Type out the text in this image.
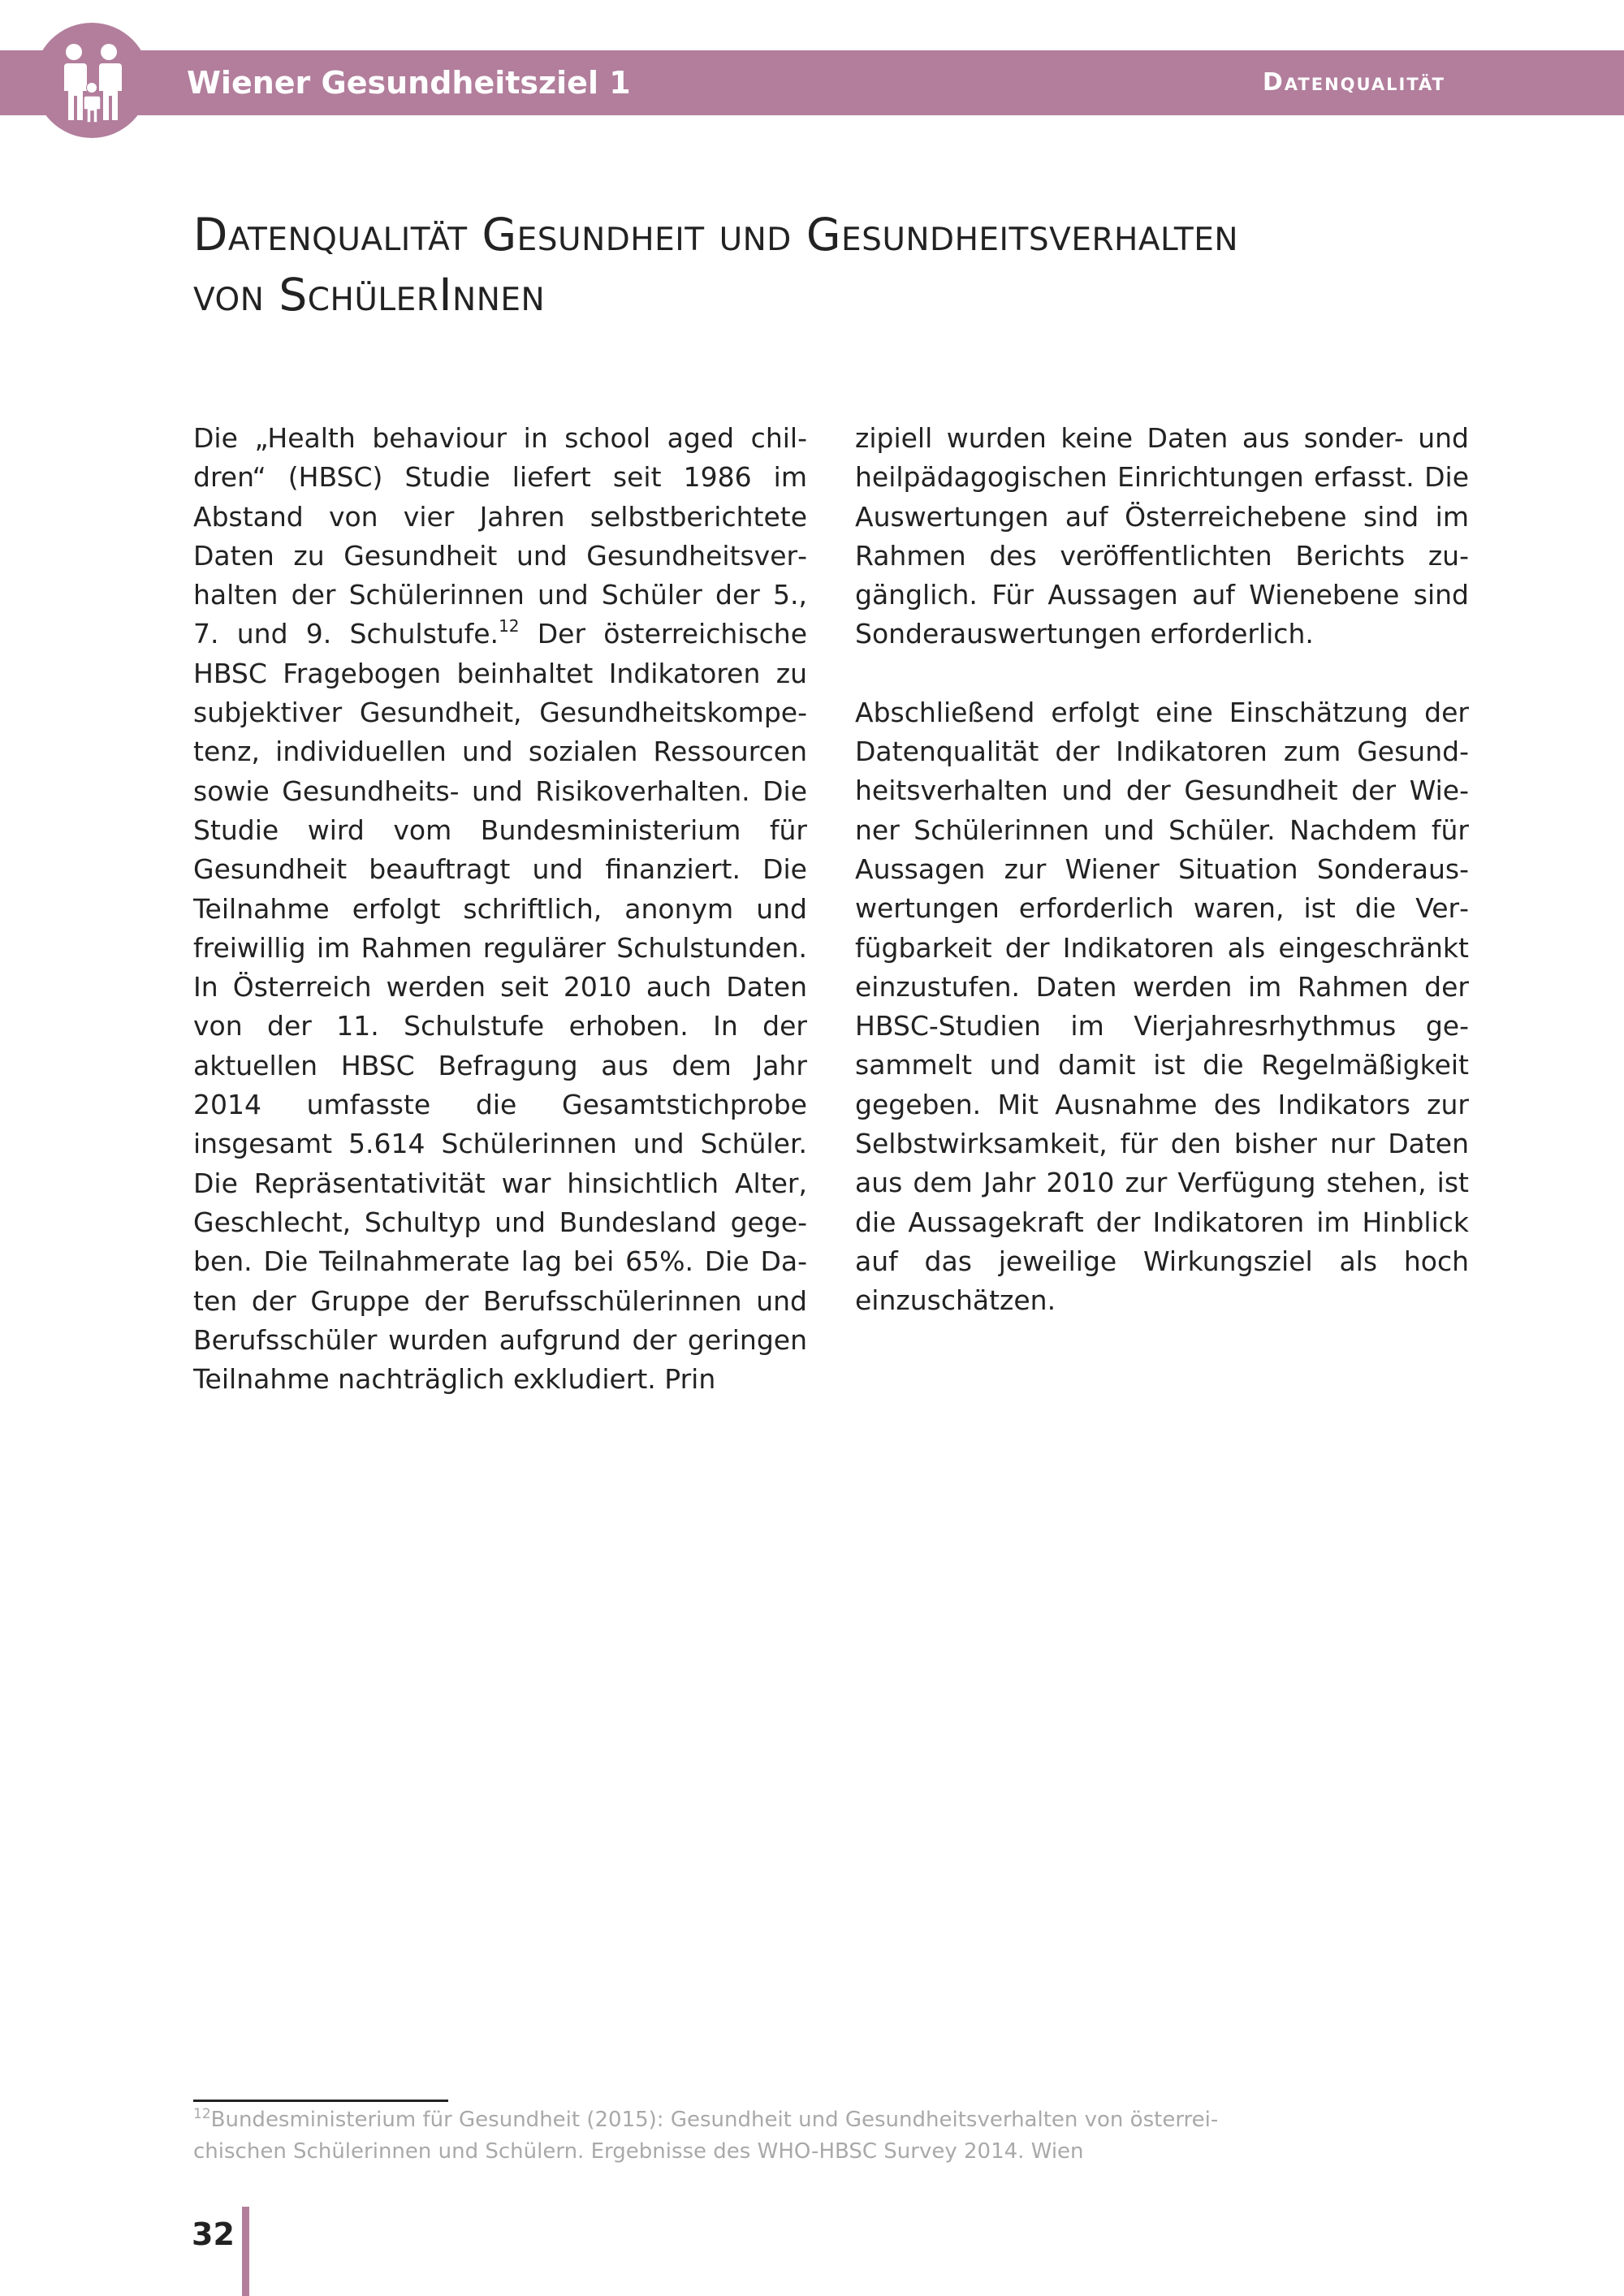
Wiener Gesundheitsziel 1	Datenqualität
Datenqualität Gesundheit und Gesundheitsverhalten
von SchülerInnen

Die „Health behaviour in school aged children“ (HBSC) Studie liefert seit 1986 im Abstand von vier Jahren selbstberichtete Daten zu Gesundheit und Gesundheitsverhalten der Schülerinnen und Schüler der 5., 7. und 9. Schulstufe.$^{12}$ Der österreichische HBSC Fragebogen beinhaltet Indikatoren zu subjektiver Gesundheit, Gesundheitskompetenz, individuellen und sozialen Ressourcen sowie Gesundheits- und Risikoverhalten. Die Studie wird vom Bundesministerium für Gesundheit beauftragt und finanziert. Die Teilnahme erfolgt schriftlich, anonym und freiwillig im Rahmen regulärer Schulstunden. In Österreich werden seit 2010 auch Daten von der 11. Schulstufe erhoben. In der aktuellen HBSC Befragung aus dem Jahr 2014 umfasste die Gesamtstichprobe insgesamt 5.614 Schülerinnen und Schüler. Die Repräsentativität war hinsichtlich Alter, Geschlecht, Schultyp und Bundesland gegeben. Die Teilnahmerate lag bei 65%. Die Daten der Gruppe der Berufsschülerinnen und Berufsschüler wurden aufgrund der geringen Teilnahme nachträglich exkludiert. Prin

zipiell wurden keine Daten aus sonder- und heilpädagogischen Einrichtungen erfasst. Die Auswertungen auf Österreichebene sind im Rahmen des veröffentlichten Berichts zugänglich. Für Aussagen auf Wienebene sind Sonderauswertungen erforderlich.

Abschließend erfolgt eine Einschätzung der Datenqualität der Indikatoren zum Gesundheitsverhalten und der Gesundheit der Wiener Schülerinnen und Schüler. Nachdem für Aussagen zur Wiener Situation Sonderauswertungen erforderlich waren, ist die Verfügbarkeit der Indikatoren als eingeschränkt einzustufen. Daten werden im Rahmen der HBSC-Studien im Vierjahresrhythmus gesammelt und damit ist die Regelmäßigkeit gegeben. Mit Ausnahme des Indikators zur Selbstwirksamkeit, für den bisher nur Daten aus dem Jahr 2010 zur Verfügung stehen, ist die Aussagekraft der Indikatoren im Hinblick auf das jeweilige Wirkungsziel als hoch einzuschätzen.

$^{12}$Bundesministerium für Gesundheit (2015): Gesundheit und Gesundheitsverhalten von österrei-
chischen Schülerinnen und Schülern. Ergebnisse des WHO-HBSC Survey 2014. Wien
32
